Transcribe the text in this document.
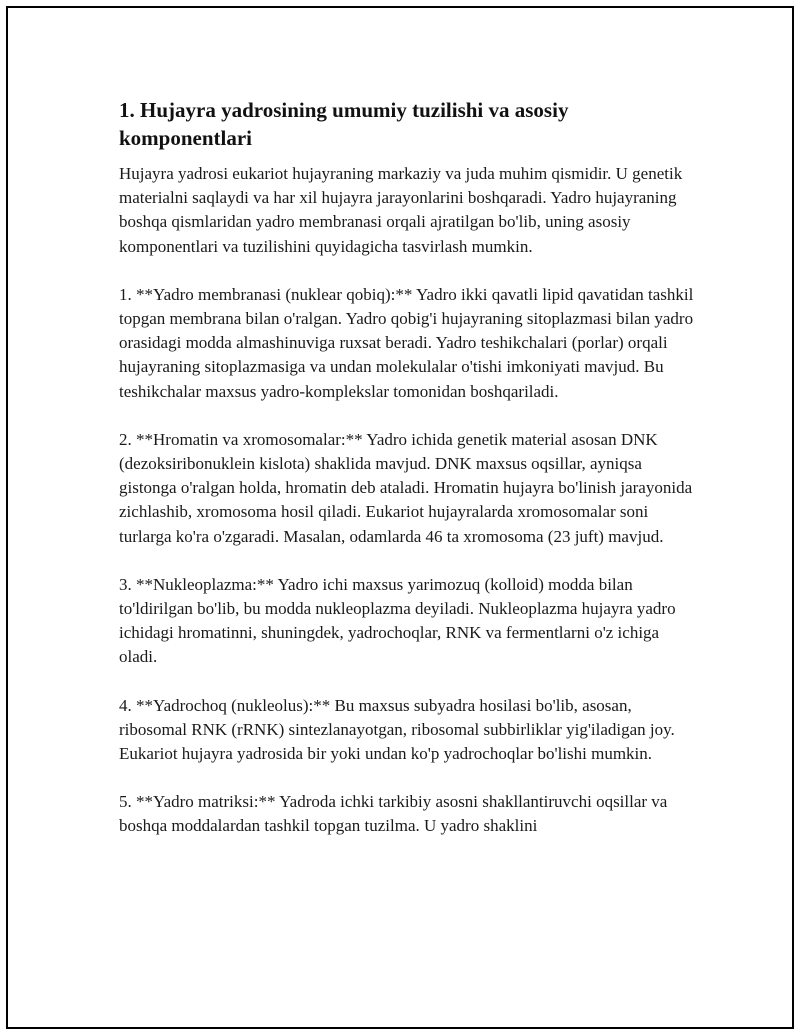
1. Hujayra yadrosining umumiy tuzilishi va asosiy komponentlari

Hujayra yadrosi eukariot hujayraning markaziy va juda muhim qismidir. U genetik materialni saqlaydi va har xil hujayra jarayonlarini boshqaradi. Yadro hujayraning boshqa qismlaridan yadro membranasi orqali ajratilgan bo'lib, uning asosiy komponentlari va tuzilishini quyidagicha tasvirlash mumkin.

1. **Yadro membranasi (nuklear qobiq):** Yadro ikki qavatli lipid qavatidan tashkil topgan membrana bilan o'ralgan. Yadro qobig'i hujayraning sitoplazmasi bilan yadro orasidagi modda almashinuviga ruxsat beradi. Yadro teshikchalari (porlar) orqali hujayraning sitoplazmasiga va undan molekulalar o'tishi imkoniyati mavjud. Bu teshikchalar maxsus yadro-komplekslar tomonidan boshqariladi.

2. **Hromatin va xromosomalar:** Yadro ichida genetik material asosan DNK (dezoksiribonuklein kislota) shaklida mavjud. DNK maxsus oqsillar, ayniqsa gistonga o'ralgan holda, hromatin deb ataladi. Hromatin hujayra bo'linish jarayonida zichlashib, xromosoma hosil qiladi. Eukariot hujayralarda xromosomalar soni turlarga ko'ra o'zgaradi. Masalan, odamlarda 46 ta xromosoma (23 juft) mavjud.

3. **Nukleoplazma:** Yadro ichi maxsus yarimozuq (kolloid) modda bilan to'ldirilgan bo'lib, bu modda nukleoplazma deyiladi. Nukleoplazma hujayra yadro ichidagi hromatinni, shuningdek, yadrochoqlar, RNK va fermentlarni o'z ichiga oladi.

4. **Yadrochoq (nukleolus):** Bu maxsus subyadra hosilasi bo'lib, asosan, ribosomal RNK (rRNK) sintezlanayotgan, ribosomal subbirliklar yig'iladigan joy. Eukariot hujayra yadrosida bir yoki undan ko'p yadrochoqlar bo'lishi mumkin.

5. **Yadro matriksi:** Yadroda ichki tarkibiy asosni shakllantiruvchi oqsillar va boshqa moddalardan tashkil topgan tuzilma. U yadro shaklini
